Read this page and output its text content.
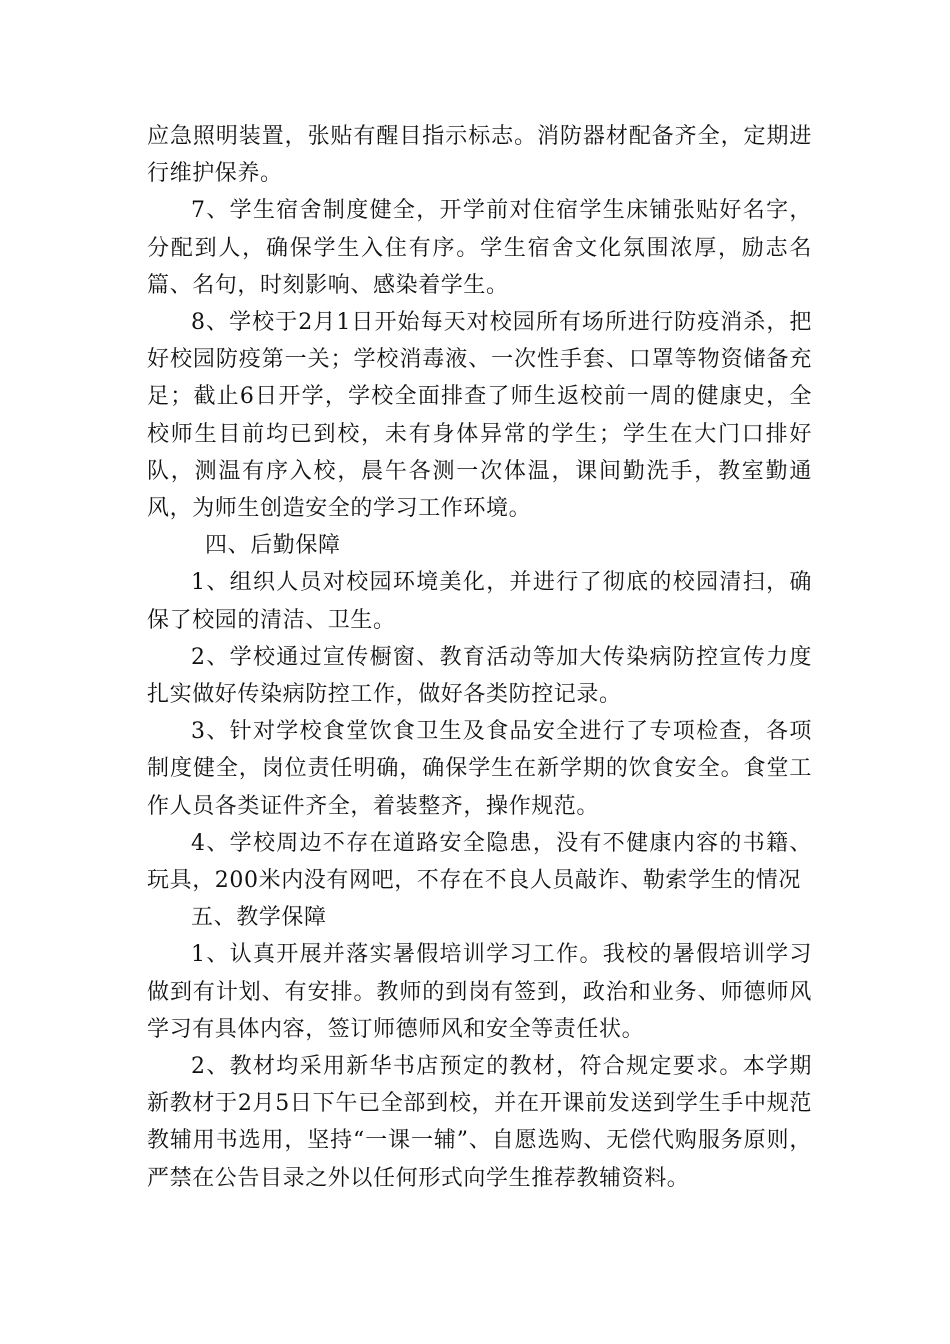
应急照明装置，张贴有醒目指示标志。消防器材配备齐全，定期进行维护保养。

7、学生宿舍制度健全，开学前对住宿学生床铺张贴好名字，分配到人，确保学生入住有序。学生宿舍文化氛围浓厚，励志名篇、名句，时刻影响、感染着学生。

8、学校于2月1日开始每天对校园所有场所进行防疫消杀，把好校园防疫第一关；学校消毒液、一次性手套、口罩等物资储备充足；截止6日开学，学校全面排查了师生返校前一周的健康史，全校师生目前均已到校，未有身体异常的学生；学生在大门口排好队，测温有序入校，晨午各测一次体温，课间勤洗手，教室勤通风，为师生创造安全的学习工作环境。

四、后勤保障

1、组织人员对校园环境美化，并进行了彻底的校园清扫，确保了校园的清洁、卫生。

2、学校通过宣传橱窗、教育活动等加大传染病防控宣传力度扎实做好传染病防控工作，做好各类防控记录。

3、针对学校食堂饮食卫生及食品安全进行了专项检查，各项制度健全，岗位责任明确，确保学生在新学期的饮食安全。食堂工作人员各类证件齐全，着装整齐，操作规范。

4、学校周边不存在道路安全隐患，没有不健康内容的书籍、玩具，200米内没有网吧，不存在不良人员敲诈、勒索学生的情况

五、教学保障

1、认真开展并落实暑假培训学习工作。我校的暑假培训学习做到有计划、有安排。教师的到岗有签到，政治和业务、师德师风学习有具体内容，签订师德师风和安全等责任状。

2、教材均采用新华书店预定的教材，符合规定要求。本学期新教材于2月5日下午已全部到校，并在开课前发送到学生手中规范教辅用书选用，坚持“一课一辅”、自愿选购、无偿代购服务原则，严禁在公告目录之外以任何形式向学生推荐教辅资料。
